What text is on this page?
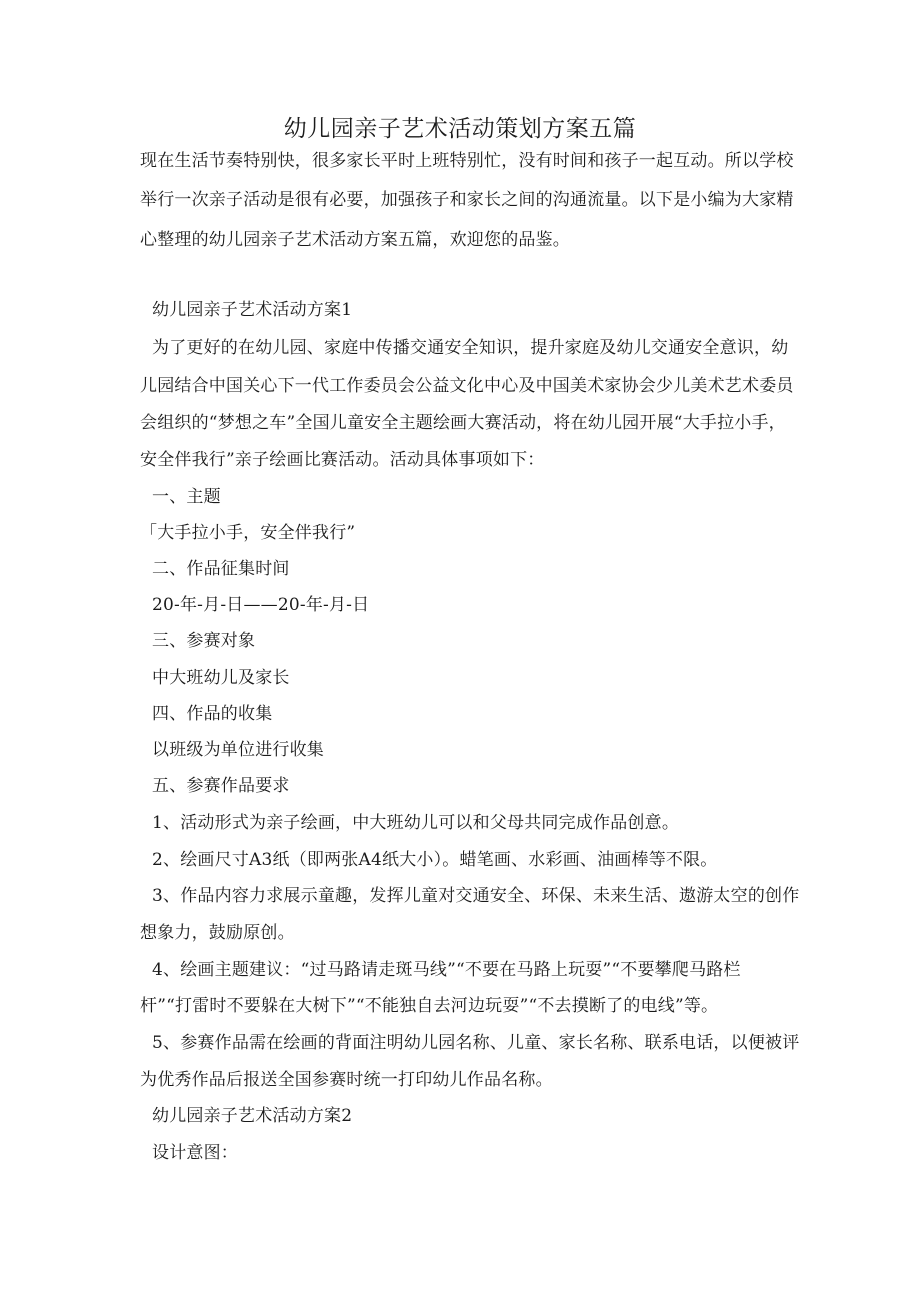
幼儿园亲子艺术活动策划方案五篇
现在生活节奏特别快，很多家长平时上班特别忙，没有时间和孩子一起互动。所以学校
举行一次亲子活动是很有必要，加强孩子和家长之间的沟通流量。以下是小编为大家精
心整理的幼儿园亲子艺术活动方案五篇，欢迎您的品鉴。
幼儿园亲子艺术活动方案1
为了更好的在幼儿园、家庭中传播交通安全知识，提升家庭及幼儿交通安全意识，幼
儿园结合中国关心下一代工作委员会公益文化中心及中国美术家协会少儿美术艺术委员
会组织的“梦想之车”全国儿童安全主题绘画大赛活动，将在幼儿园开展“大手拉小手，
安全伴我行”亲子绘画比赛活动。活动具体事项如下：
一、主题
「大手拉小手，安全伴我行”
二、作品征集时间
20-年-月-日——20-年-月-日
三、参赛对象
中大班幼儿及家长
四、作品的收集
以班级为单位进行收集
五、参赛作品要求
1、活动形式为亲子绘画，中大班幼儿可以和父母共同完成作品创意。
2、绘画尺寸A3纸（即两张A4纸大小）。蜡笔画、水彩画、油画棒等不限。
3、作品内容力求展示童趣，发挥儿童对交通安全、环保、未来生活、遨游太空的创作
想象力，鼓励原创。
4、绘画主题建议：“过马路请走斑马线”“不要在马路上玩耍”“不要攀爬马路栏
杆”“打雷时不要躲在大树下”“不能独自去河边玩耍”“不去摸断了的电线”等。
5、参赛作品需在绘画的背面注明幼儿园名称、儿童、家长名称、联系电话，以便被评
为优秀作品后报送全国参赛时统一打印幼儿作品名称。
幼儿园亲子艺术活动方案2
设计意图：
